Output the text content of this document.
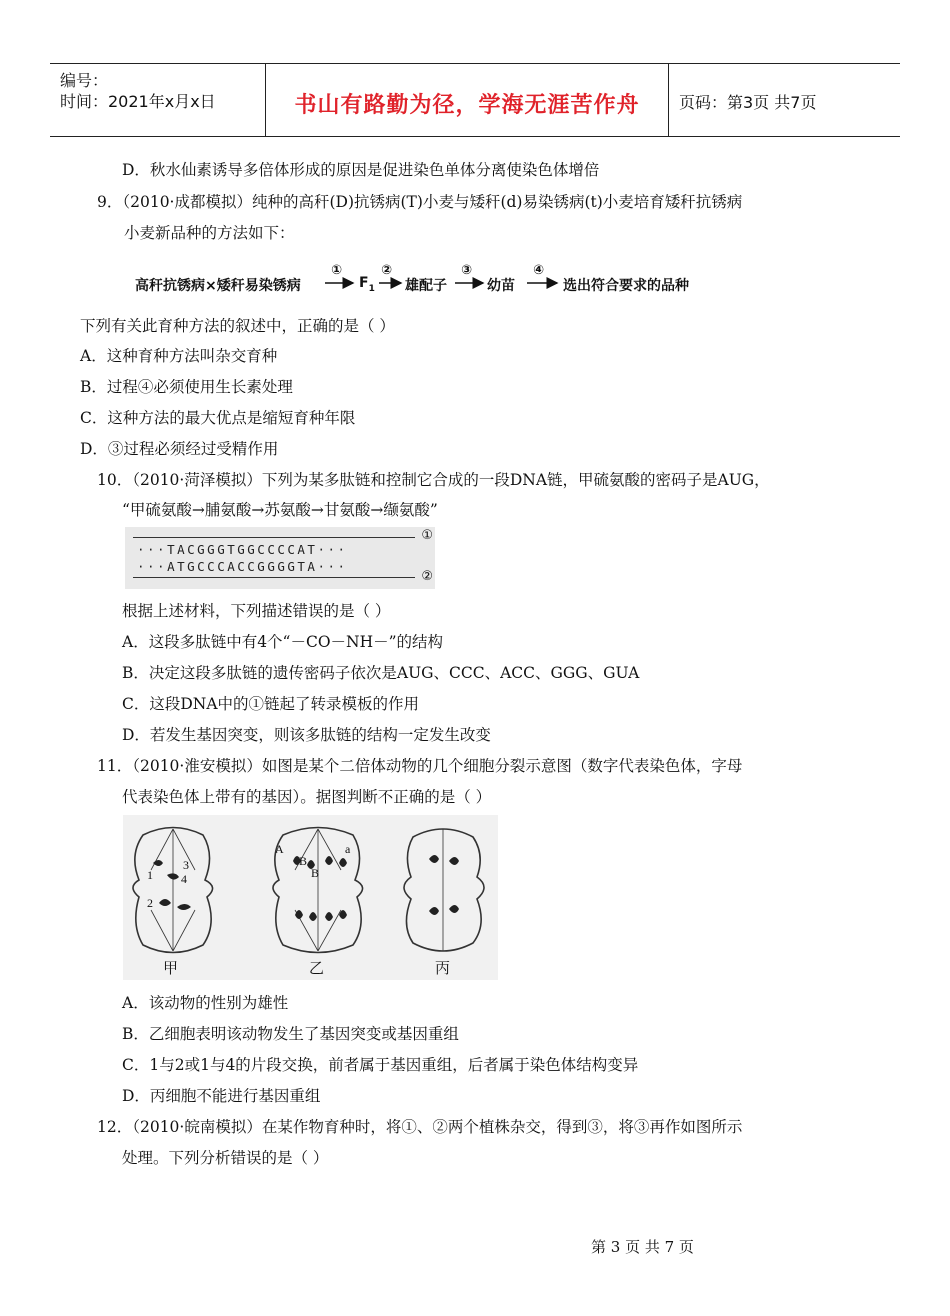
编号：
时间：2021年x月x日	书山有路勤为径，学海无涯苦作舟	页码：第3页 共7页
D．秋水仙素诱导多倍体形成的原因是促进染色单体分离使染色体增倍
9．（2010·成都模拟）纯种的高秆(D)抗锈病(T)小麦与矮秆(d)易染锈病(t)小麦培育矮秆抗锈病
小麦新品种的方法如下：
高秆抗锈病×矮秆易染锈病
①
$F_1$
②
雄配子
③
幼苗
④
选出符合要求的品种
下列有关此育种方法的叙述中，正确的是（ ）
A．这种育种方法叫杂交育种
B．过程④必须使用生长素处理
C．这种方法的最大优点是缩短育种年限
D．③过程必须经过受精作用
10．（2010·菏泽模拟）下列为某多肽链和控制它合成的一段DNA链，甲硫氨酸的密码子是AUG，
“甲硫氨酸→脯氨酸→苏氨酸→甘氨酸→缬氨酸”
①
···TACGGGTGGCCCCAT···
···ATGCCCACCGGGGTA···
②
根据上述材料，下列描述错误的是（ ）
A．这段多肽链中有4个“－CO－NH－”的结构
B．决定这段多肽链的遗传密码子依次是AUG、CCC、ACC、GGG、GUA
C．这段DNA中的①链起了转录模板的作用
D．若发生基因突变，则该多肽链的结构一定发生改变
11．（2010·淮安模拟）如图是某个二倍体动物的几个细胞分裂示意图（数字代表染色体，字母
代表染色体上带有的基因）。据图判断不正确的是（ ）
1
3
4
2
A	a
B
B
甲	乙	丙
A．该动物的性别为雄性
B．乙细胞表明该动物发生了基因突变或基因重组
C．1与2或1与4的片段交换，前者属于基因重组，后者属于染色体结构变异
D．丙细胞不能进行基因重组
12．（2010·皖南模拟）在某作物育种时，将①、②两个植株杂交，得到③，将③再作如图所示
处理。下列分析错误的是（ ）
第 3 页 共 7 页
